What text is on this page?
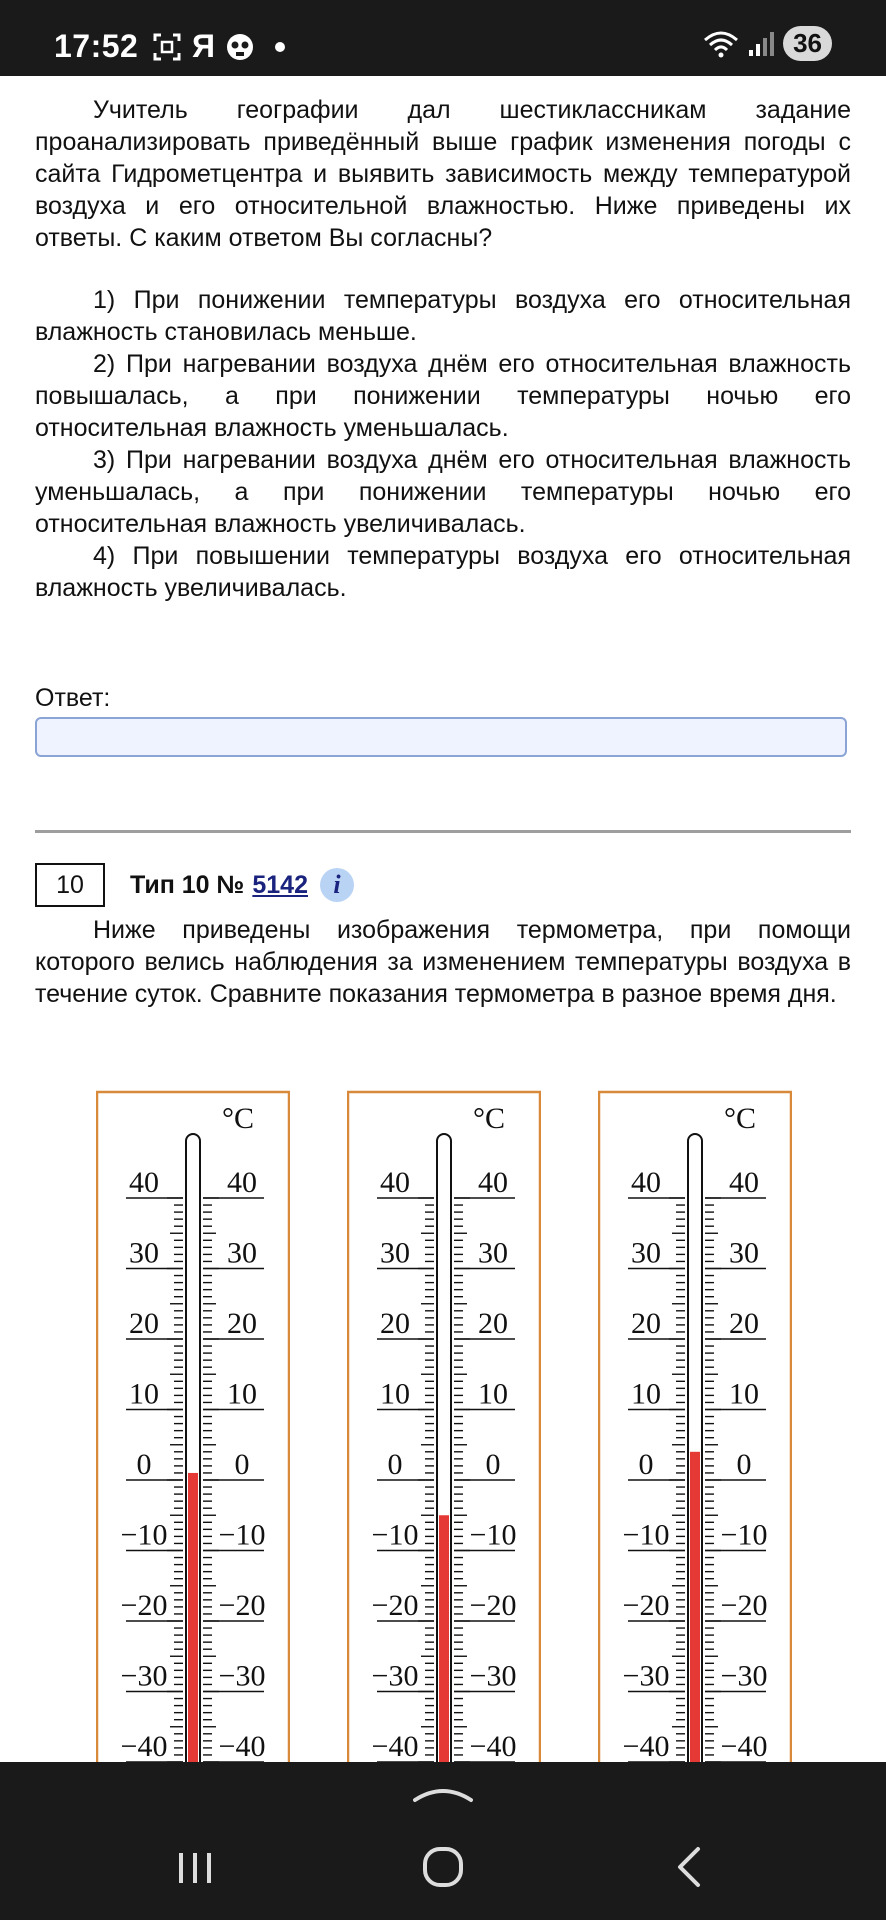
17:52 Я	36

Учитель географии дал шестиклассникам задание проанализировать приведённый выше график изменения погоды с сайта Гидрометцентра и выявить зависимость между температурой воздуха и его относительной влажностью. Ниже приведены их ответы. С каким ответом Вы согласны?

1) При понижении температуры воздуха его относительная влажность становилась меньше.

2) При нагревании воздуха днём его относительная влажность повышалась, а при понижении температуры ночью его относительная влажность уменьшалась.

3) При нагревании воздуха днём его относительная влажность уменьшалась, а при понижении температуры ночью его относительная влажность увеличивалась.

4) При повышении температуры воздуха его относительная влажность увеличивалась.

Ответ:
10	Тип 10 № 5142 i

Ниже приведены изображения термометра, при помощи которого велись наблюдения за изменением температуры воздуха в течение суток. Сравните показания термометра в разное время дня.

°C
40 40
30 30
20 20
10 10
0	0
−10 −10
−20 −20
−30 −30
−40 −40
°C
40 40
30 30
20 20
10 10
0	0
−10 −10
−20 −20
−30 −30
−40 −40
°C
40 40
30 30
20 20
10 10
0	0
−10 −10
−20 −20
−30 −30
−40 −40
